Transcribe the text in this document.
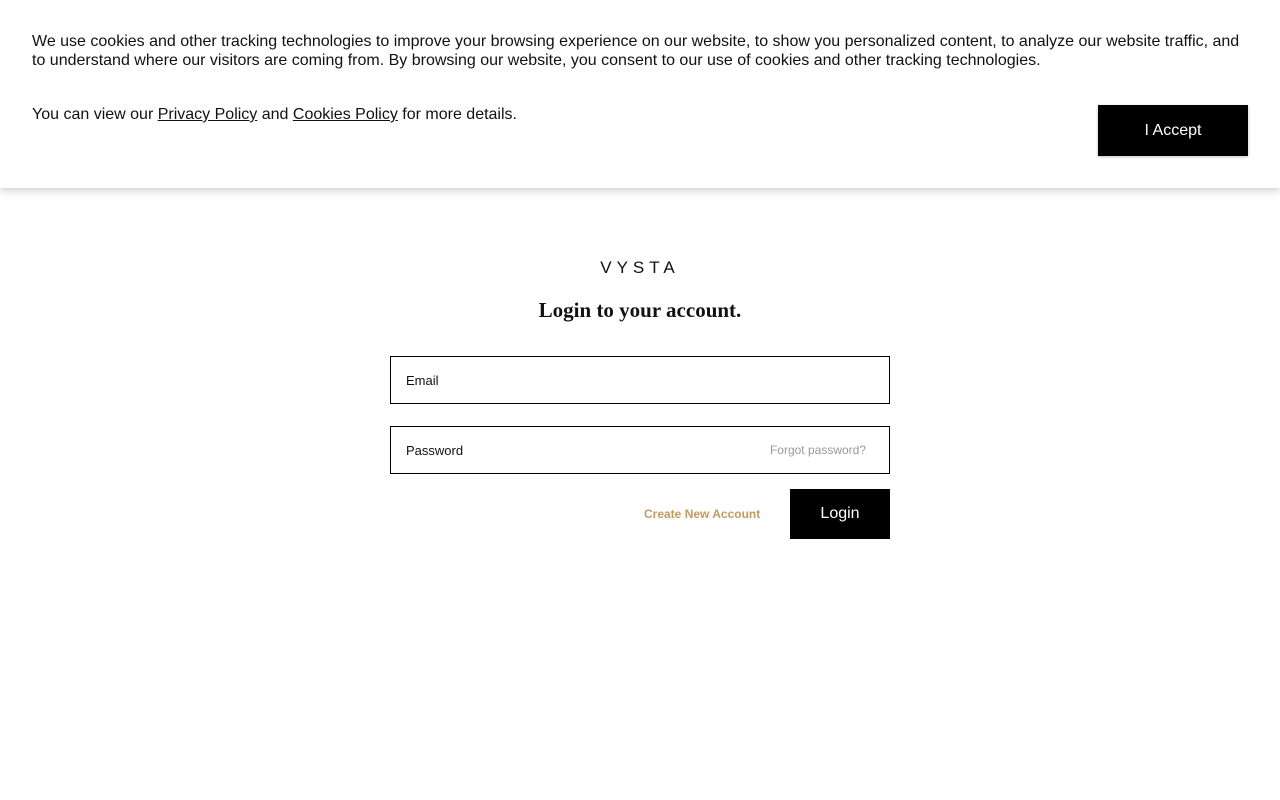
We use cookies and other tracking technologies to improve your browsing experience on our website, to show you personalized content, to analyze our website traffic, and to understand where our visitors are coming from. By browsing our website, you consent to our use of cookies and other tracking technologies.

You can view our Privacy Policy and Cookies Policy for more details.

I Accept
VYSTA
Login to your account.
Email
Forgot password?
Create New Account	Login
